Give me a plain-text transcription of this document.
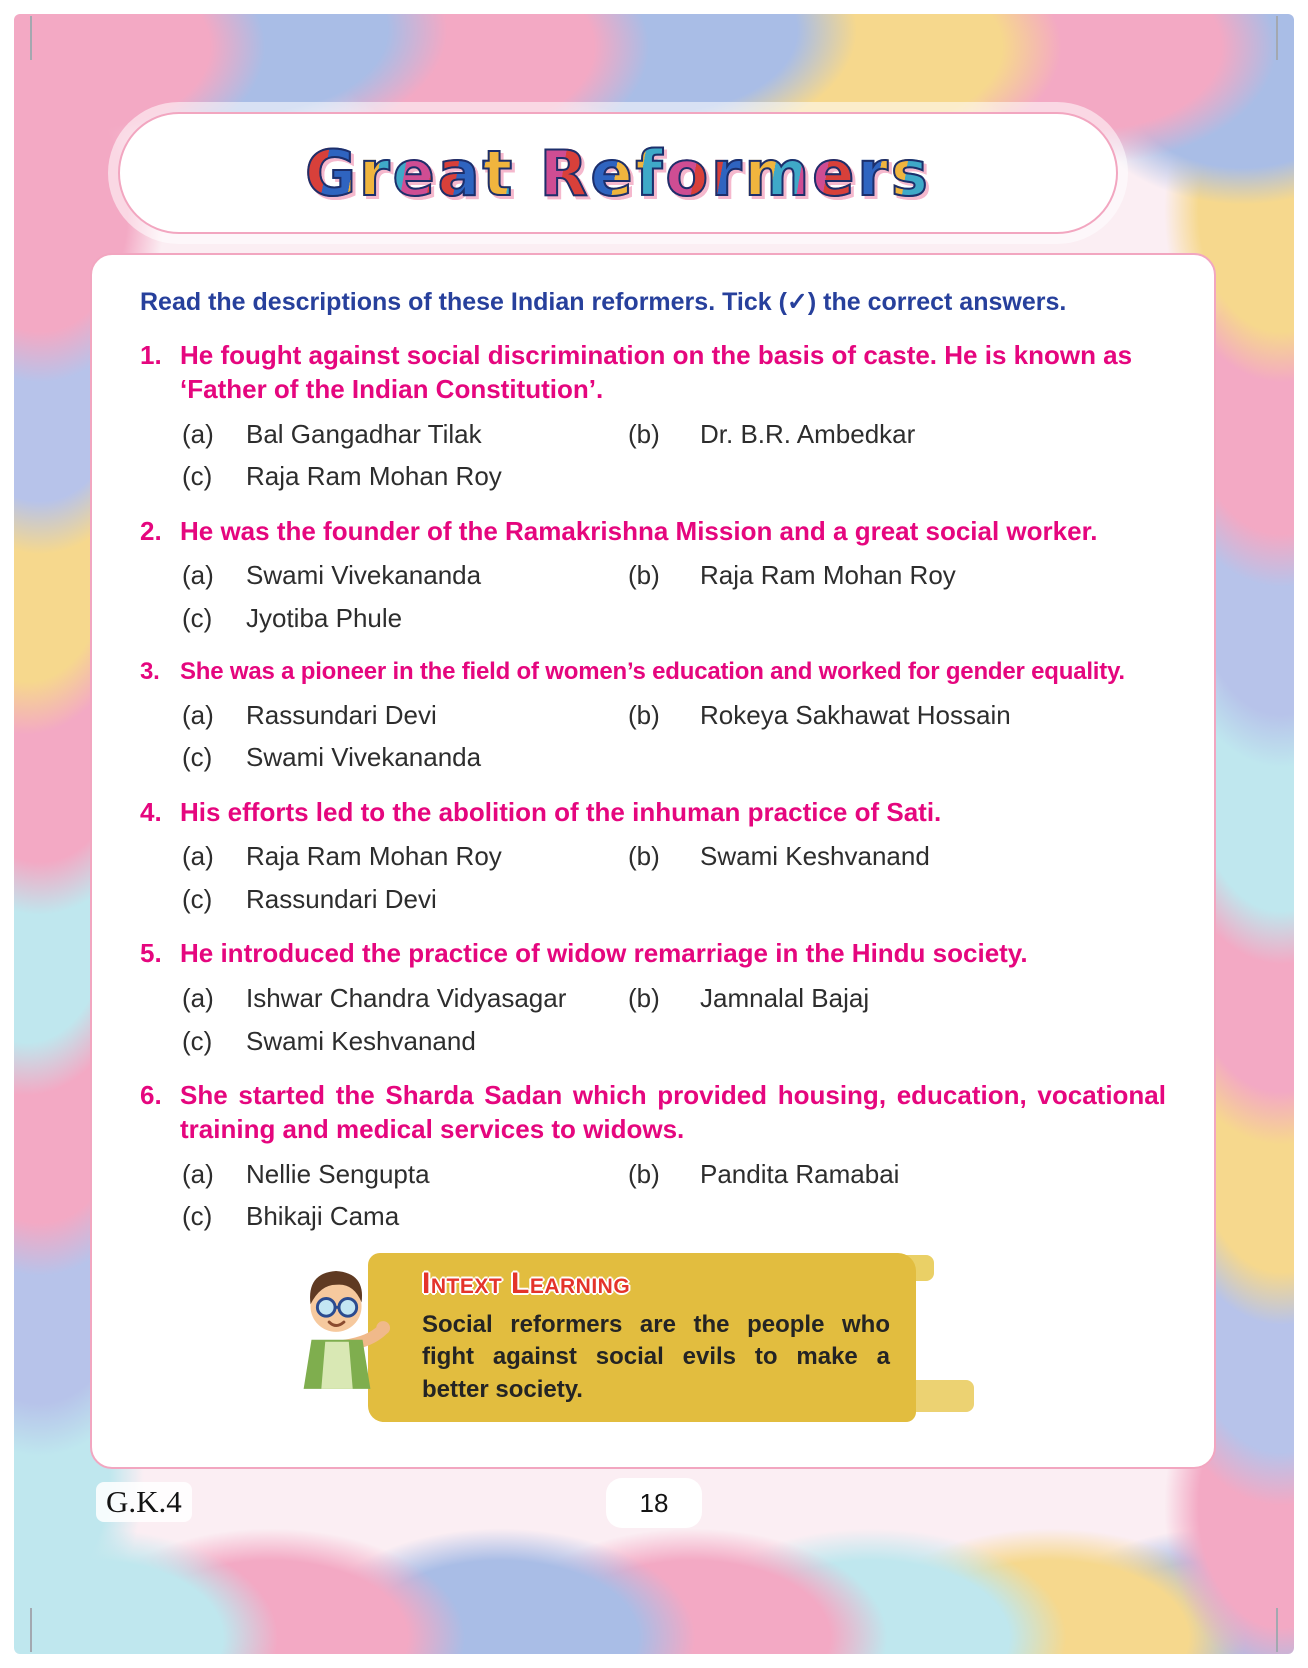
Great Reformers

Read the descriptions of these Indian reformers. Tick (✓) the correct answers.

1. He fought against social discrimination on the basis of caste. He is known as ‘Father of the Indian Constitution’.
(a)	Bal Gangadhar Tilak	(b)	Dr. B.R. Ambedkar
(c)	Raja Ram Mohan Roy
2. He was the founder of the Ramakrishna Mission and a great social worker.
(a)	Swami Vivekananda	(b)	Raja Ram Mohan Roy
(c)	Jyotiba Phule
3. She was a pioneer in the field of women’s education and worked for gender equality.
(a)	Rassundari Devi	(b)	Rokeya Sakhawat Hossain
(c)	Swami Vivekananda
4. His efforts led to the abolition of the inhuman practice of Sati.
(a)	Raja Ram Mohan Roy	(b)	Swami Keshvanand
(c)	Rassundari Devi
5. He introduced the practice of widow remarriage in the Hindu society.
(a)	Ishwar Chandra Vidyasagar	(b)	Jamnalal Bajaj
(c)	Swami Keshvanand
6. She started the Sharda Sadan which provided housing, education, vocational training and medical services to widows.
(a)	Nellie Sengupta	(b)	Pandita Ramabai
(c)	Bhikaji Cama
Intext Learning
Social reformers are the people who fight against social evils to make a better society.
G.K.4	18
